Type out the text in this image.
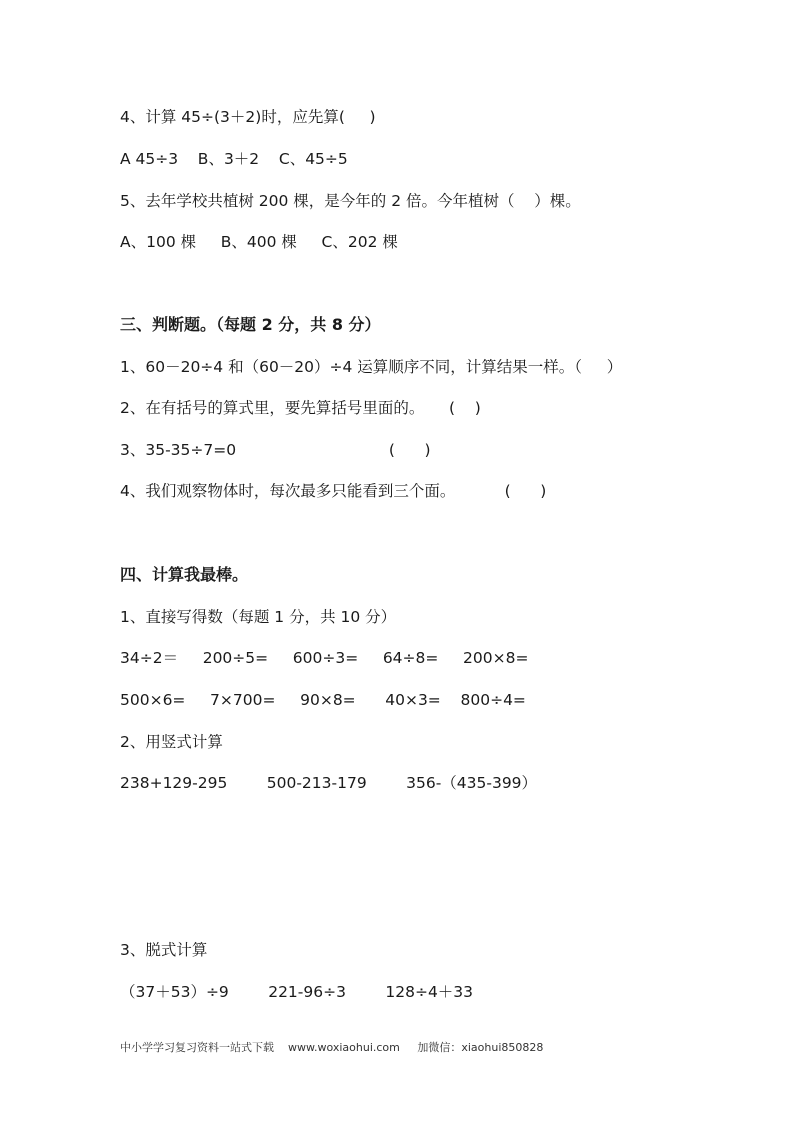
4、计算 45÷(3＋2)时，应先算(     )
A 45÷3    B、3＋2    C、45÷5
5、去年学校共植树 200 棵，是今年的 2 倍。今年植树（    ）棵。
A、100 棵     B、400 棵     C、202 棵
三、判断题。（每题 2 分，共 8 分）
1、60－20÷4 和（60－20）÷4 运算顺序不同，计算结果一样。（     ）
2、在有括号的算式里，要先算括号里面的。     (    )
3、35-35÷7=0                               (      )
4、我们观察物体时，每次最多只能看到三个面。          (      )
四、计算我最棒。
1、直接写得数（每题 1 分，共 10 分）
34÷2＝     200÷5=     600÷3=     64÷8=     200×8=
500×6=     7×700=     90×8=      40×3=    800÷4=
2、用竖式计算
238+129-295        500-213-179        356-（435-399）
3、脱式计算
（37＋53）÷9        221-96÷3        128÷4＋33
中小学学习复习资料一站式下载    www.woxiaohui.com     加微信：xiaohui850828
